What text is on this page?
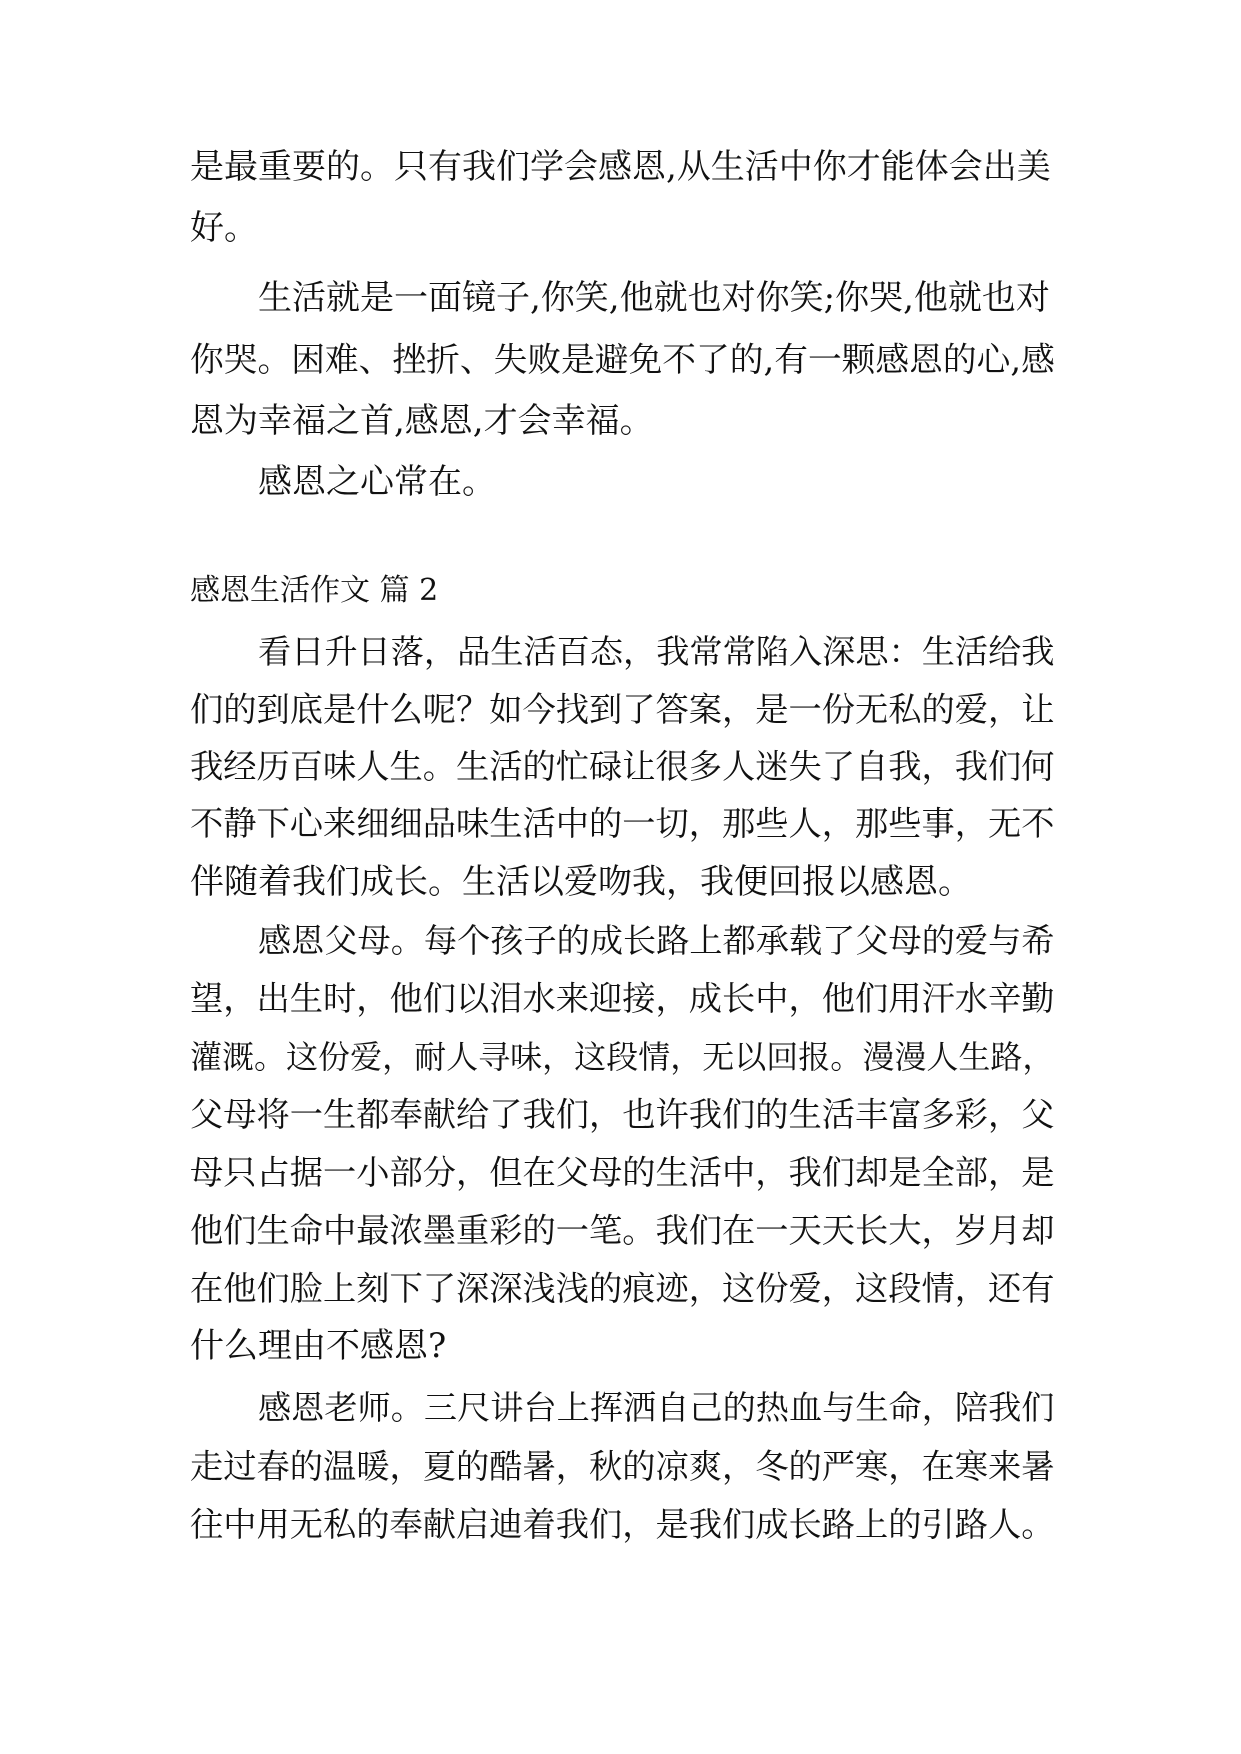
是最重要的。只有我们学会感恩,从生活中你才能体会出美
好。
生活就是一面镜子,你笑,他就也对你笑;你哭,他就也对
你哭。困难、挫折、失败是避免不了的,有一颗感恩的心,感
恩为幸福之首,感恩,才会幸福。
感恩之心常在。
感恩生活作文 篇 2
看日升日落，品生活百态，我常常陷入深思：生活给我
们的到底是什么呢？如今找到了答案，是一份无私的爱，让
我经历百味人生。生活的忙碌让很多人迷失了自我，我们何
不静下心来细细品味生活中的一切，那些人，那些事，无不
伴随着我们成长。生活以爱吻我，我便回报以感恩。
感恩父母。每个孩子的成长路上都承载了父母的爱与希
望，出生时，他们以泪水来迎接，成长中，他们用汗水辛勤
灌溉。这份爱，耐人寻味，这段情，无以回报。漫漫人生路，
父母将一生都奉献给了我们，也许我们的生活丰富多彩，父
母只占据一小部分，但在父母的生活中，我们却是全部，是
他们生命中最浓墨重彩的一笔。我们在一天天长大，岁月却
在他们脸上刻下了深深浅浅的痕迹，这份爱，这段情，还有
什么理由不感恩?
感恩老师。三尺讲台上挥洒自己的热血与生命，陪我们
走过春的温暖，夏的酷暑，秋的凉爽，冬的严寒，在寒来暑
往中用无私的奉献启迪着我们，是我们成长路上的引路人。
